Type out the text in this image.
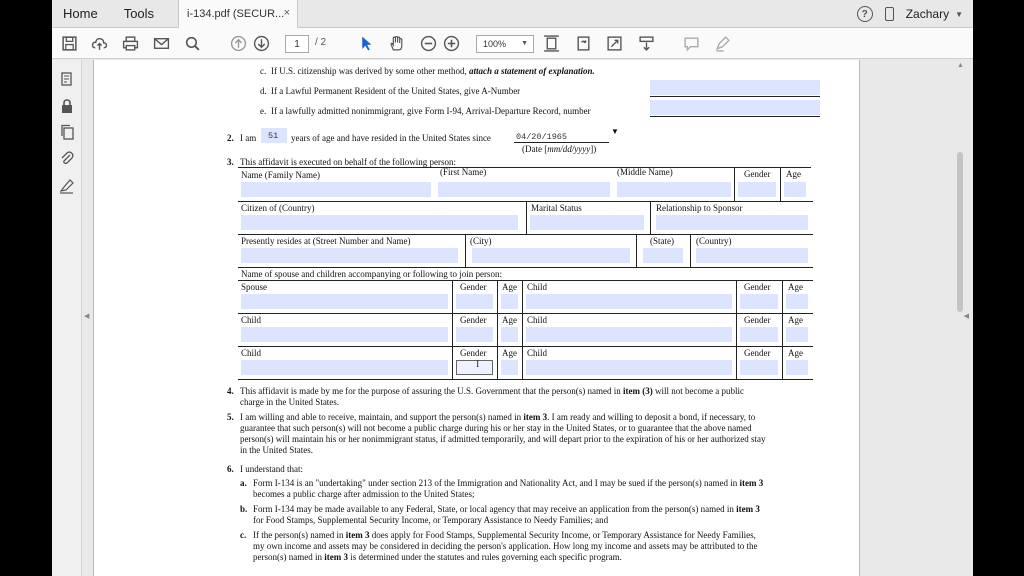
Home Tools	i-134.pdf (SECUR... ×	?	Zachary ▼
1	/ 2	100% ▼
◀
c. If U.S. citizenship was derived by some other method, attach a statement of explanation.
d. If a Lawful Permanent Resident of the United States, give A-Number
e. If a lawfully admitted nonimmigrant, give Form I-94, Arrival-Departure Record, number
2. I am 51 years of age and have resided in the United States since	04/20/1965
▼
(Date [mm/dd/yyyy])
3. This affidavit is executed on behalf of the following person:
Name (Family Name)	(First Name)	(Middle Name)	Gender Age
Citizen of (Country)	Marital Status	Relationship to Sponsor
Presently resides at (Street Number and Name)	(City)	(State) (Country)
Name of spouse and children accompanying or following to join person:
Spouse	Gender Age Child	Gender Age
Child	Gender Age Child	Gender Age
Child	Gender Age Child	Gender Age
I
4. This affidavit is made by me for the purpose of assuring the U.S. Government that the person(s) named in item (3) will not become a public
charge in the United States.
5. I am willing and able to receive, maintain, and support the person(s) named in item 3. I am ready and willing to deposit a bond, if necessary, to
guarantee that such person(s) will not become a public charge during his or her stay in the United States, or to guarantee that the above named
person(s) will maintain his or her nonimmigrant status, if admitted temporarily, and will depart prior to the expiration of his or her authorized stay
in the United States.
6. I understand that:
a. Form I-134 is an "undertaking" under section 213 of the Immigration and Nationality Act, and I may be sued if the person(s) named in item 3
becomes a public charge after admission to the United States;
b. Form I-134 may be made available to any Federal, State, or local agency that may receive an application from the person(s) named in item 3
for Food Stamps, Supplemental Security Income, or Temporary Assistance to Needy Families; and
c. If the person(s) named in item 3 does apply for Food Stamps, Supplemental Security Income, or Temporary Assistance for Needy Families,
my own income and assets may be considered in deciding the person's application. How long my income and assets may be attributed to the
person(s) named in item 3 is determined under the statutes and rules governing each specific program.
▲
◀
